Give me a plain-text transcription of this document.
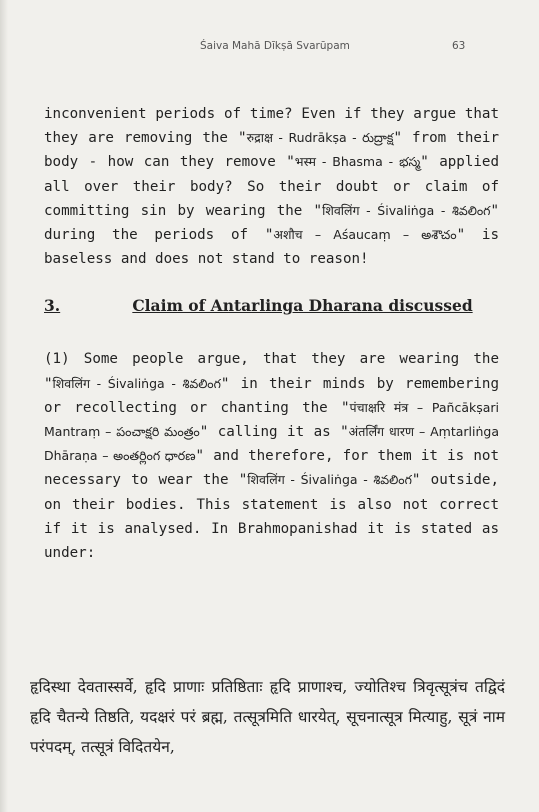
Śaiva Mahā Dīkṣā Svarūpam	63

inconvenient periods of time? Even if they argue that they are removing the "रुद्राक्ष - Rudrākṣa - రుద్రాక్ష" from their body - how can they remove "भस्म - Bhasma - భస్మ" applied all over their body? So their doubt or claim of committing sin by wearing the "शिवलिंग - Śivaliṅga - శివలింగ" during the periods of "अशौच – Aśaucaṃ – అశౌచం" is baseless and does not stand to reason!

3.	Claim of Antarlinga Dharana discussed

(1) Some people argue, that they are wearing the "शिवलिंग - Śivaliṅga - శివలింగ" in their minds by remembering or recollecting or chanting the "पंचाक्षरि मंत्र – Pañcākṣari Mantraṃ – పంచాక్షరి మంత్రం" calling it as "अंतर्लिंग धारण – Aṃtarliṅga Dhāraṇa – అంతర్లింగ ధారణ" and therefore, for them it is not necessary to wear the "शिवलिंग - Śivaliṅga - శివలింగ" outside, on their bodies. This statement is also not correct if it is analysed. In Brahmopanishad it is stated as under:

हृदिस्था देवतास्सर्वे, हृदि प्राणाः प्रतिष्ठिताः हृदि प्राणाश्च, ज्योतिश्च त्रिवृत्सूत्रंच तद्विदं हृदि चैतन्ये तिष्ठति, यदक्षरं परं ब्रह्म, तत्सूत्रमिति धारयेत्, सूचनात्सूत्र मित्याहु, सूत्रं नाम परंपदम्, तत्सूत्रं विदितयेन,
